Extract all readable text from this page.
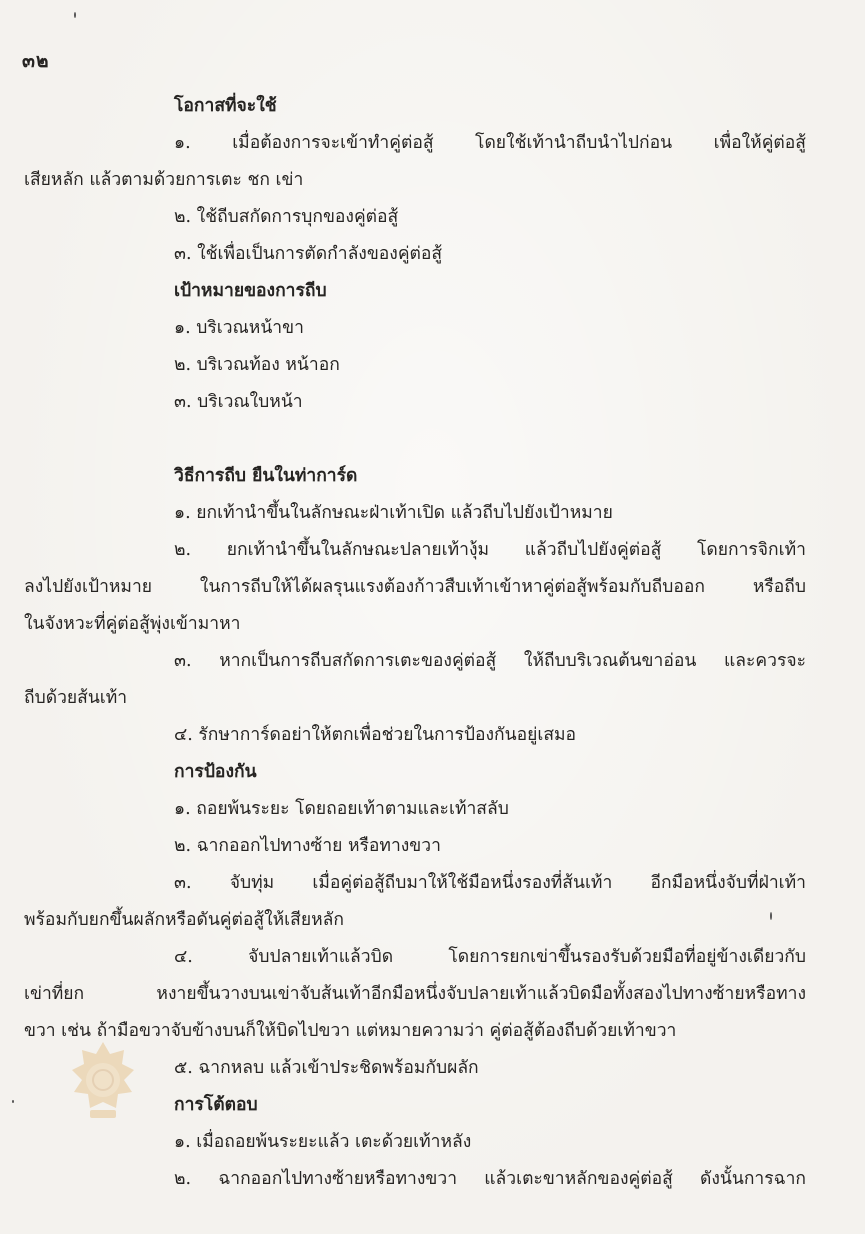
๓๒
โอกาสที่จะใช้
๑. เมื่อต้องการจะเข้าทำคู่ต่อสู้ โดยใช้เท้านำถีบนำไปก่อน เพื่อให้คู่ต่อสู้
เสียหลัก แล้วตามด้วยการเตะ ชก เข่า
๒. ใช้ถีบสกัดการบุกของคู่ต่อสู้
๓. ใช้เพื่อเป็นการตัดกำลังของคู่ต่อสู้
เป้าหมายของการถีบ
๑. บริเวณหน้าขา
๒. บริเวณท้อง หน้าอก
๓. บริเวณใบหน้า
วิธีการถีบ ยืนในท่าการ์ด
๑. ยกเท้านำขึ้นในลักษณะฝ่าเท้าเปิด แล้วถีบไปยังเป้าหมาย
๒. ยกเท้านำขึ้นในลักษณะปลายเท้างุ้ม แล้วถีบไปยังคู่ต่อสู้ โดยการจิกเท้า
ลงไปยังเป้าหมาย ในการถีบให้ได้ผลรุนแรงต้องก้าวสืบเท้าเข้าหาคู่ต่อสู้พร้อมกับถีบออก หรือถีบ
ในจังหวะที่คู่ต่อสู้พุ่งเข้ามาหา
๓. หากเป็นการถีบสกัดการเตะของคู่ต่อสู้ ให้ถีบบริเวณต้นขาอ่อน และควรจะ
ถีบด้วยส้นเท้า
๔. รักษาการ์ดอย่าให้ตกเพื่อช่วยในการป้องกันอยู่เสมอ
การป้องกัน
๑. ถอยพ้นระยะ โดยถอยเท้าตามและเท้าสลับ
๒. ฉากออกไปทางซ้าย หรือทางขวา
๓. จับทุ่ม เมื่อคู่ต่อสู้ถีบมาให้ใช้มือหนึ่งรองที่ส้นเท้า อีกมือหนึ่งจับที่ฝ่าเท้า
พร้อมกับยกขึ้นผลักหรือดันคู่ต่อสู้ให้เสียหลัก
๔. จับปลายเท้าแล้วบิด โดยการยกเข่าขึ้นรองรับด้วยมือที่อยู่ข้างเดียวกับ
เข่าที่ยก หงายขึ้นวางบนเข่าจับส้นเท้าอีกมือหนึ่งจับปลายเท้าแล้วบิดมือทั้งสองไปทางซ้ายหรือทาง
ขวา เช่น ถ้ามือขวาจับข้างบนก็ให้บิดไปขวา แต่หมายความว่า คู่ต่อสู้ต้องถีบด้วยเท้าขวา
๕. ฉากหลบ แล้วเข้าประชิดพร้อมกับผลัก
การโต้ตอบ
๑. เมื่อถอยพ้นระยะแล้ว เตะด้วยเท้าหลัง
๒. ฉากออกไปทางซ้ายหรือทางขวา แล้วเตะขาหลักของคู่ต่อสู้ ดังนั้นการฉาก
